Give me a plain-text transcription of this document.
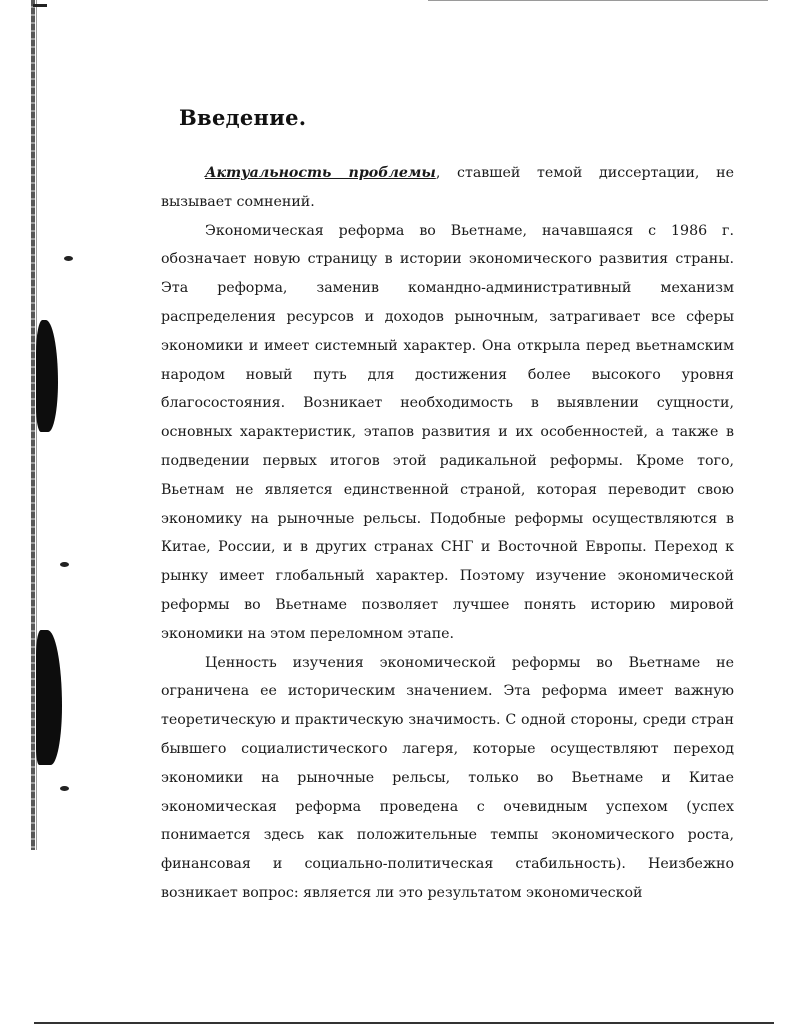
Введение.

Актуальность проблемы, ставшей темой диссертации, не вызывает сомнений.

Экономическая реформа во Вьетнаме, начавшаяся с 1986 г. обозначает новую страницу в истории экономического развития страны. Эта реформа, заменив командно-административный механизм распределения ресурсов и доходов рыночным, затрагивает все сферы экономики и имеет системный характер. Она открыла перед вьетнамским народом новый путь для достижения более высокого уровня благосостояния. Возникает необходимость в выявлении сущности, основных характеристик, этапов развития и их особенностей, а также в подведении первых итогов этой радикальной реформы. Кроме того, Вьетнам не является единственной страной, которая переводит свою экономику на рыночные рельсы. Подобные реформы осуществляются в Китае, России, и в других странах СНГ и Восточной Европы. Переход к рынку имеет глобальный характер. Поэтому изучение экономической реформы во Вьетнаме позволяет лучшее понять историю мировой экономики на этом переломном этапе.

Ценность изучения экономической реформы во Вьетнаме не ограничена ее историческим значением. Эта реформа имеет важную теоретическую и практическую значимость. С одной стороны, среди стран бывшего социалистического лагеря, которые осуществляют переход экономики на рыночные рельсы, только во Вьетнаме и Китае экономическая реформа проведена с очевидным успехом (успех понимается здесь как положительные темпы экономического роста, финансовая и социально-политическая стабильность). Неизбежно возникает вопрос: является ли это результатом экономической
